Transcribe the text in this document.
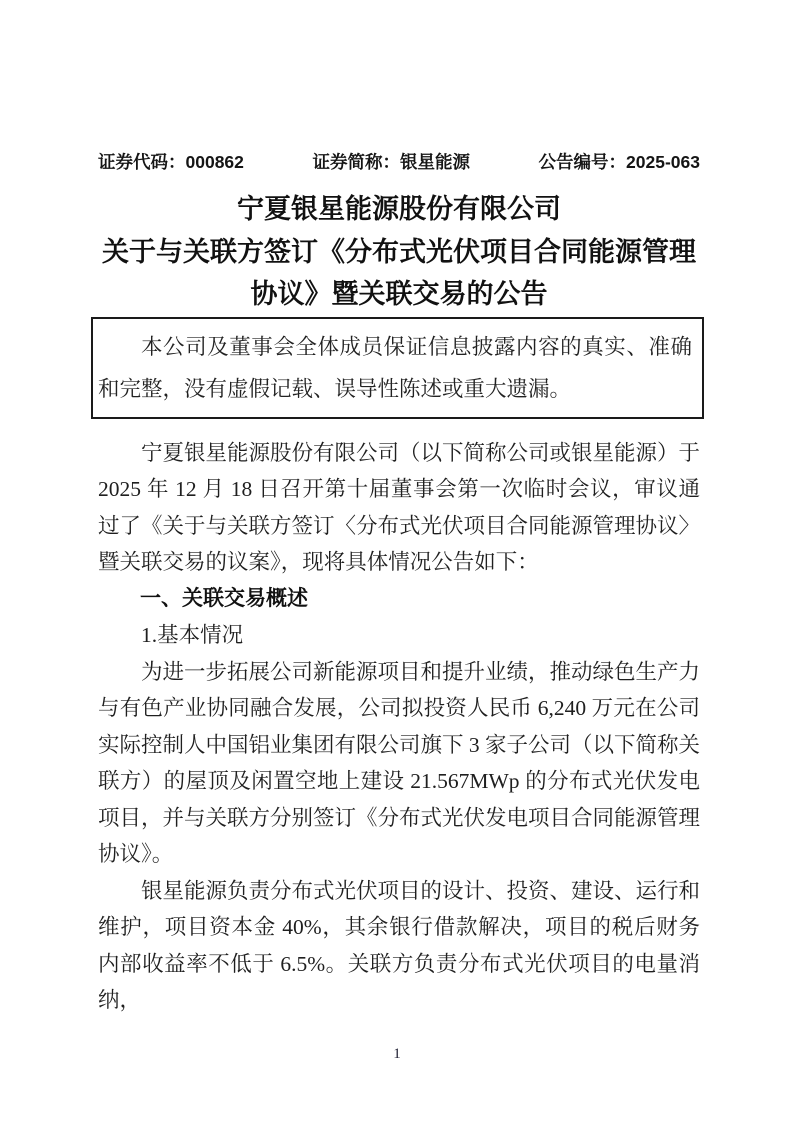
证券代码：000862	证券简称：银星能源	公告编号：2025-063
宁夏银星能源股份有限公司
关于与关联方签订《分布式光伏项目合同能源管理
协议》暨关联交易的公告
本公司及董事会全体成员保证信息披露内容的真实、准确和完整，没有虚假记载、误导性陈述或重大遗漏。

宁夏银星能源股份有限公司（以下简称公司或银星能源）于 2025 年 12 月 18 日召开第十届董事会第一次临时会议，审议通过了《关于与关联方签订〈分布式光伏项目合同能源管理协议〉暨关联交易的议案》，现将具体情况公告如下：

一、关联交易概述

1.基本情况

为进一步拓展公司新能源项目和提升业绩，推动绿色生产力与有色产业协同融合发展，公司拟投资人民币 6,240 万元在公司实际控制人中国铝业集团有限公司旗下 3 家子公司（以下简称关联方）的屋顶及闲置空地上建设 21.567MWp 的分布式光伏发电项目，并与关联方分别签订《分布式光伏发电项目合同能源管理协议》。

银星能源负责分布式光伏项目的设计、投资、建设、运行和维护，项目资本金 40%，其余银行借款解决，项目的税后财务内部收益率不低于 6.5%。关联方负责分布式光伏项目的电量消纳，

1
